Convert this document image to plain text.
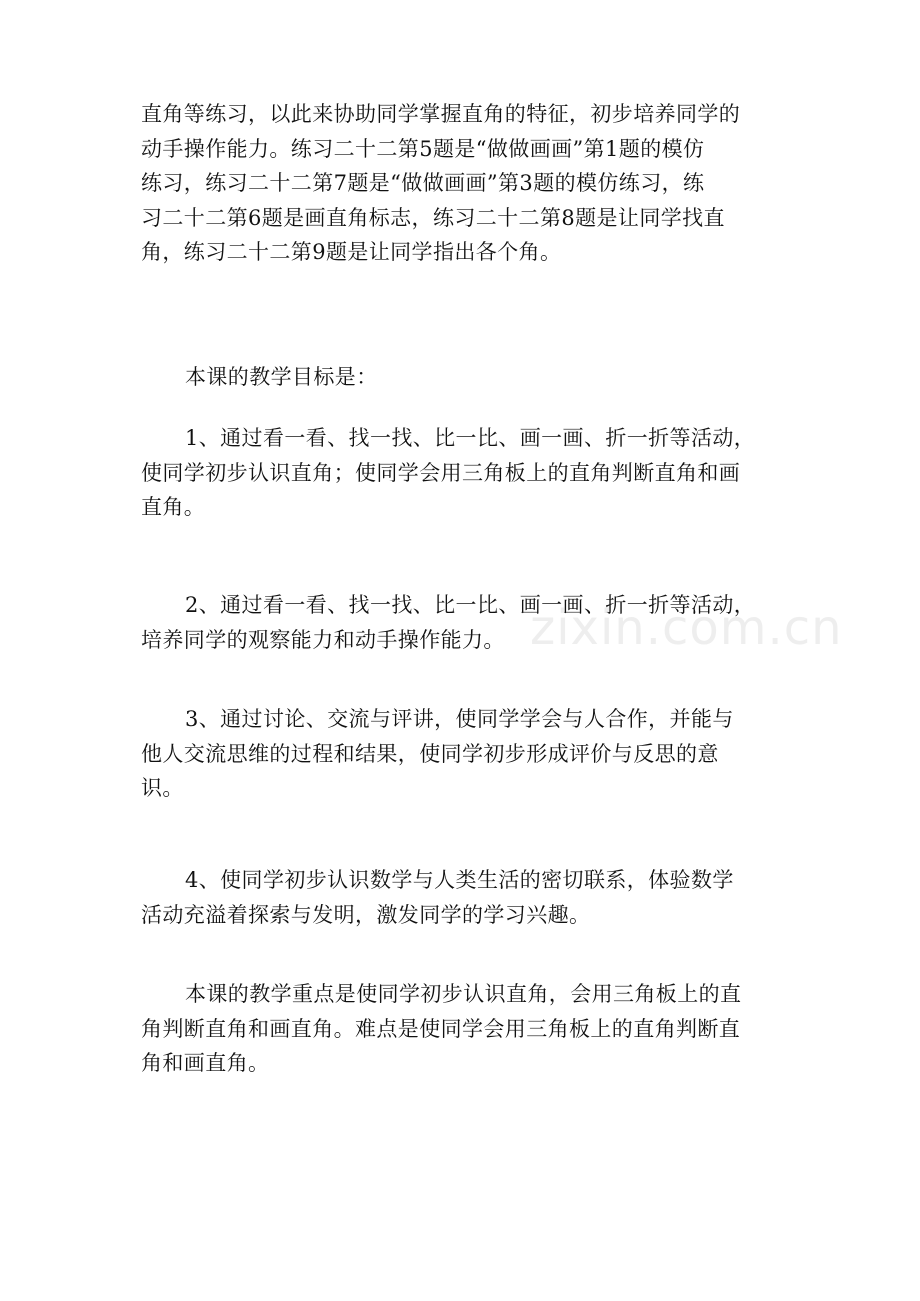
直角等练习，以此来协助同学掌握直角的特征，初步培养同学的

动手操作能力。练习二十二第5题是“做做画画”第1题的模仿

练习，练习二十二第7题是“做做画画”第3题的模仿练习，练

习二十二第6题是画直角标志，练习二十二第8题是让同学找直

角，练习二十二第9题是让同学指出各个角。

本课的教学目标是：

1、通过看一看、找一找、比一比、画一画、折一折等活动，

使同学初步认识直角；使同学会用三角板上的直角判断直角和画

直角。

2、通过看一看、找一找、比一比、画一画、折一折等活动，

培养同学的观察能力和动手操作能力。

3、通过讨论、交流与评讲，使同学学会与人合作，并能与

他人交流思维的过程和结果，使同学初步形成评价与反思的意

识。

4、使同学初步认识数学与人类生活的密切联系，体验数学

活动充溢着探索与发明，激发同学的学习兴趣。

本课的教学重点是使同学初步认识直角，会用三角板上的直

角判断直角和画直角。难点是使同学会用三角板上的直角判断直

角和画直角。

zixin.com.cn
